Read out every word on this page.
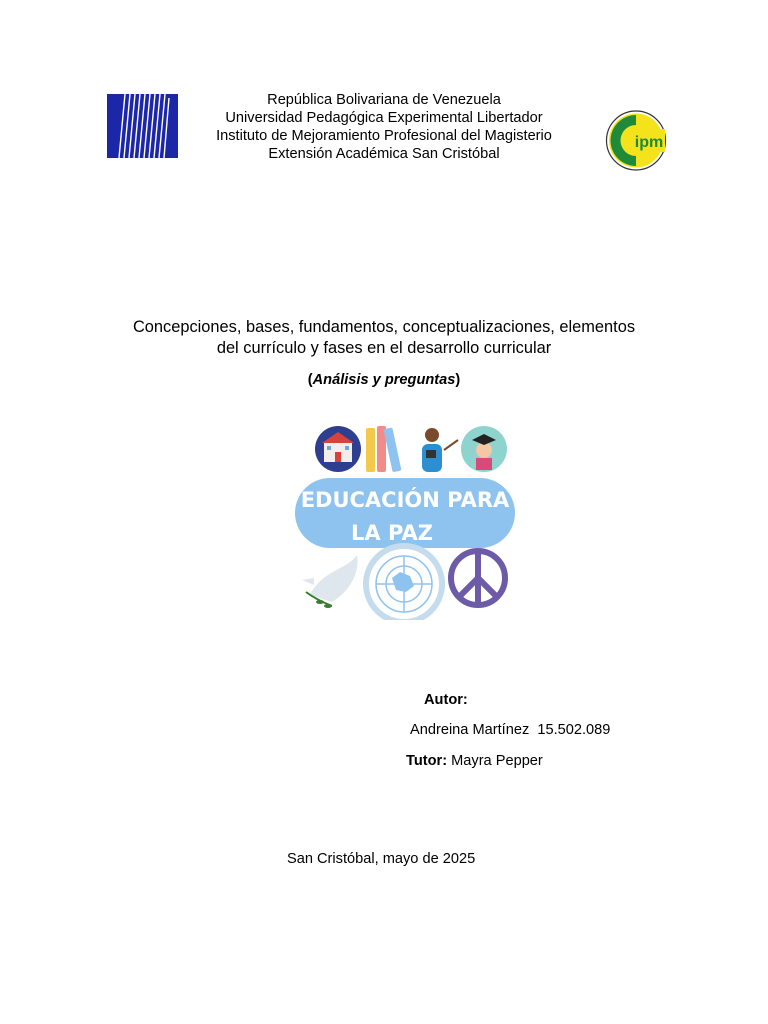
República Bolivariana de Venezuela
Universidad Pedagógica Experimental Libertador
Instituto de Mejoramiento Profesional del Magisterio
Extensión Académica San Cristóbal
ipm
Concepciones, bases, fundamentos, conceptualizaciones, elementos
del currículo y fases en el desarrollo curricular
(Análisis y preguntas)
EDUCACIÓN PARA
LA PAZ
Autor:
Andreina Martínez  15.502.089
Tutor: Mayra Pepper
San Cristóbal, mayo de 2025
